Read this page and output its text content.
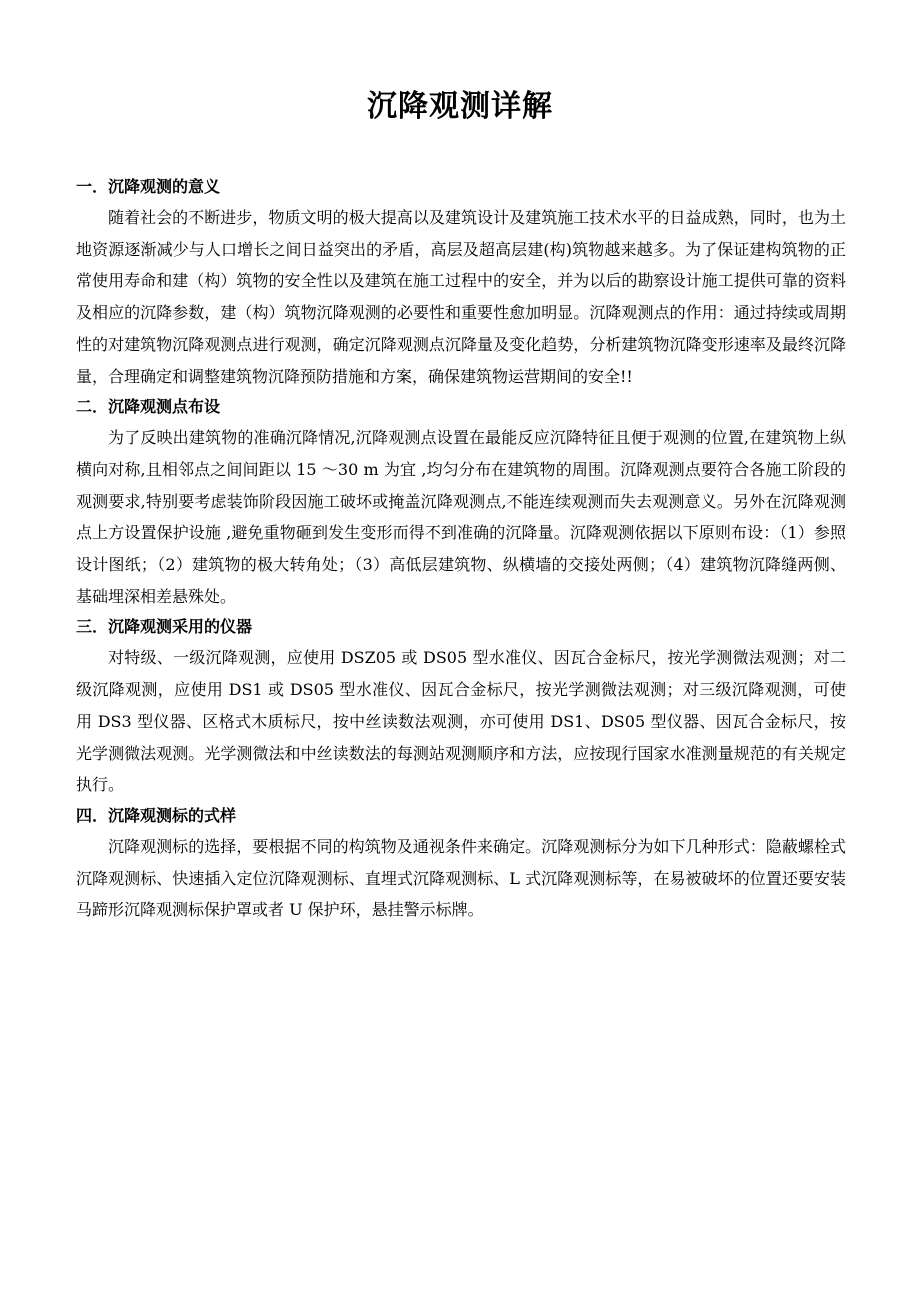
沉降观测详解
一．沉降观测的意义

随着社会的不断进步，物质文明的极大提高以及建筑设计及建筑施工技术水平的日益成熟，同时，也为土地资源逐渐减少与人口增长之间日益突出的矛盾，高层及超高层建(构)筑物越来越多。为了保证建构筑物的正常使用寿命和建（构）筑物的安全性以及建筑在施工过程中的安全，并为以后的勘察设计施工提供可靠的资料及相应的沉降参数，建（构）筑物沉降观测的必要性和重要性愈加明显。沉降观测点的作用：通过持续或周期性的对建筑物沉降观测点进行观测，确定沉降观测点沉降量及变化趋势，分析建筑物沉降变形速率及最终沉降量，合理确定和调整建筑物沉降预防措施和方案，确保建筑物运营期间的安全!!

二．沉降观测点布设

为了反映出建筑物的准确沉降情况,沉降观测点设置在最能反应沉降特征且便于观测的位置,在建筑物上纵横向对称,且相邻点之间间距以 15 ～30 m 为宜 ,均匀分布在建筑物的周围。沉降观测点要符合各施工阶段的观测要求,特别要考虑装饰阶段因施工破坏或掩盖沉降观测点,不能连续观测而失去观测意义。另外在沉降观测点上方设置保护设施 ,避免重物砸到发生变形而得不到准确的沉降量。沉降观测依据以下原则布设：（1）参照设计图纸；（2）建筑物的极大转角处；（3）高低层建筑物、纵横墙的交接处两侧；（4）建筑物沉降缝两侧、基础埋深相差悬殊处。

三．沉降观测采用的仪器

对特级、一级沉降观测，应使用 DSZ05 或 DS05 型水准仪、因瓦合金标尺，按光学测微法观测；对二级沉降观测，应使用 DS1 或 DS05 型水准仪、因瓦合金标尺，按光学测微法观测；对三级沉降观测，可使用 DS3 型仪器、区格式木质标尺，按中丝读数法观测，亦可使用 DS1、DS05 型仪器、因瓦合金标尺，按光学测微法观测。光学测微法和中丝读数法的每测站观测顺序和方法，应按现行国家水准测量规范的有关规定执行。

四．沉降观测标的式样

沉降观测标的选择，要根据不同的构筑物及通视条件来确定。沉降观测标分为如下几种形式：隐蔽螺栓式沉降观测标、快速插入定位沉降观测标、直埋式沉降观测标、L 式沉降观测标等，在易被破坏的位置还要安装马蹄形沉降观测标保护罩或者 U 保护环，悬挂警示标牌。
